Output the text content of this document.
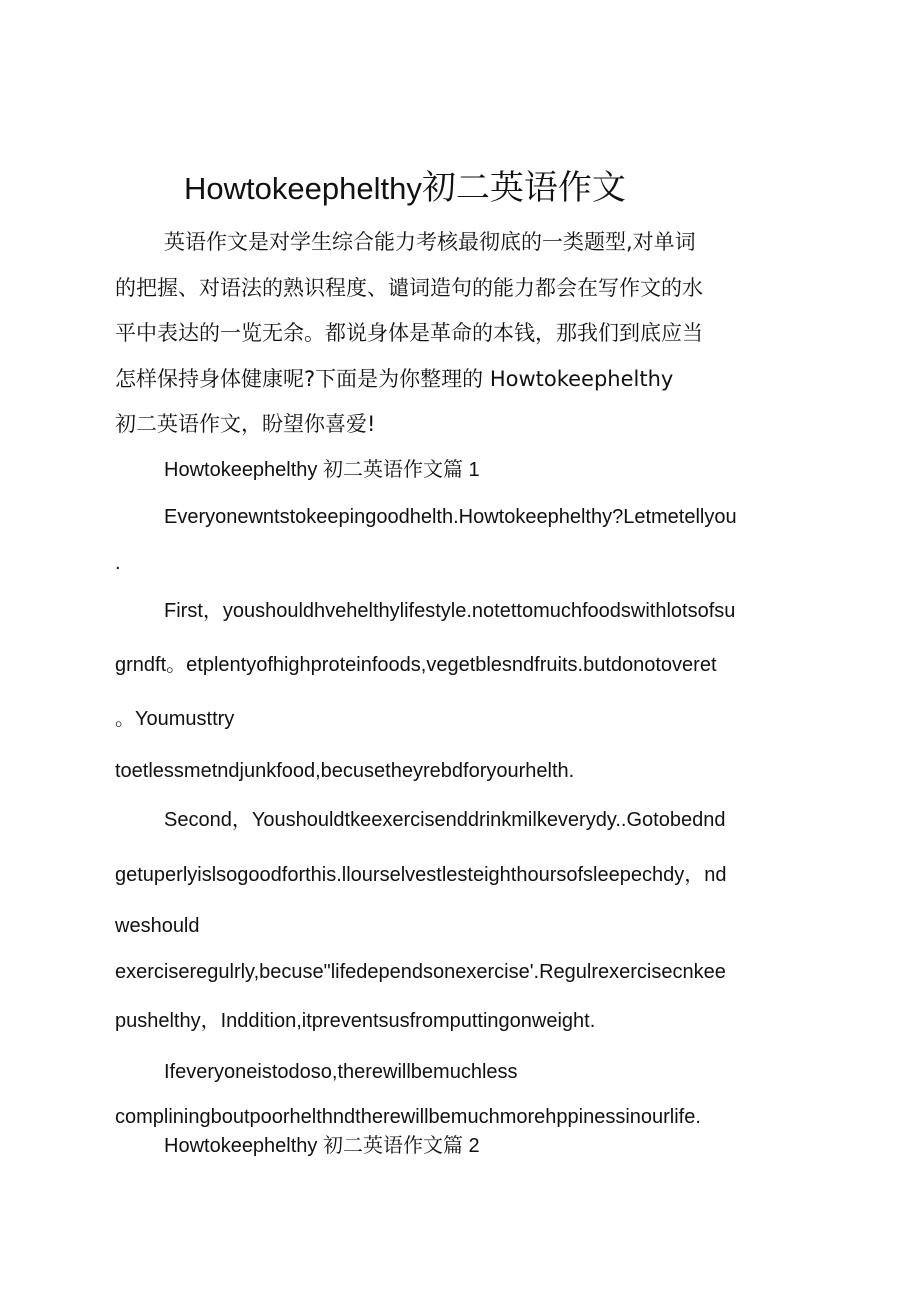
Howtokeephelthy初二英语作文
英语作文是对学生综合能力考核最彻底的一类题型,对单词
的把握、对语法的熟识程度、谴词造句的能力都会在写作文的水
平中表达的一览无余。都说身体是革命的本钱，那我们到底应当
怎样保持身体健康呢?下面是为你整理的 Howtokeephelthy
初二英语作文，盼望你喜爱!
Howtokeephelthy 初二英语作文篇 1
Everyonewntstokeepingoodhelth.Howtokeephelthy?Letmetellyou
.
First，youshouldhvehelthylifestyle.notettomuchfoodswithlotsofsu
grndft。etplentyofhighproteinfoods,vegetblesndfruits.butdonotoveret
。Youmusttry
toetlessmetndjunkfood,becusetheyrebdforyourhelth.
Second，Youshouldtkeexercisenddrinkmilkeverydy..Gotobednd
getuperlyislsogoodforthis.llourselvestlesteighthoursofsleepechdy，nd
weshould
exerciseregulrly,becuse"lifedependsonexercise'.Regulrexercisecnkee
pushelthy，Inddition,itpreventsusfromputtingonweight.
Ifeveryoneistodoso,therewillbemuchless
compliningboutpoorhelthndtherewillbemuchmorehppinessinourlife.
Howtokeephelthy 初二英语作文篇 2
